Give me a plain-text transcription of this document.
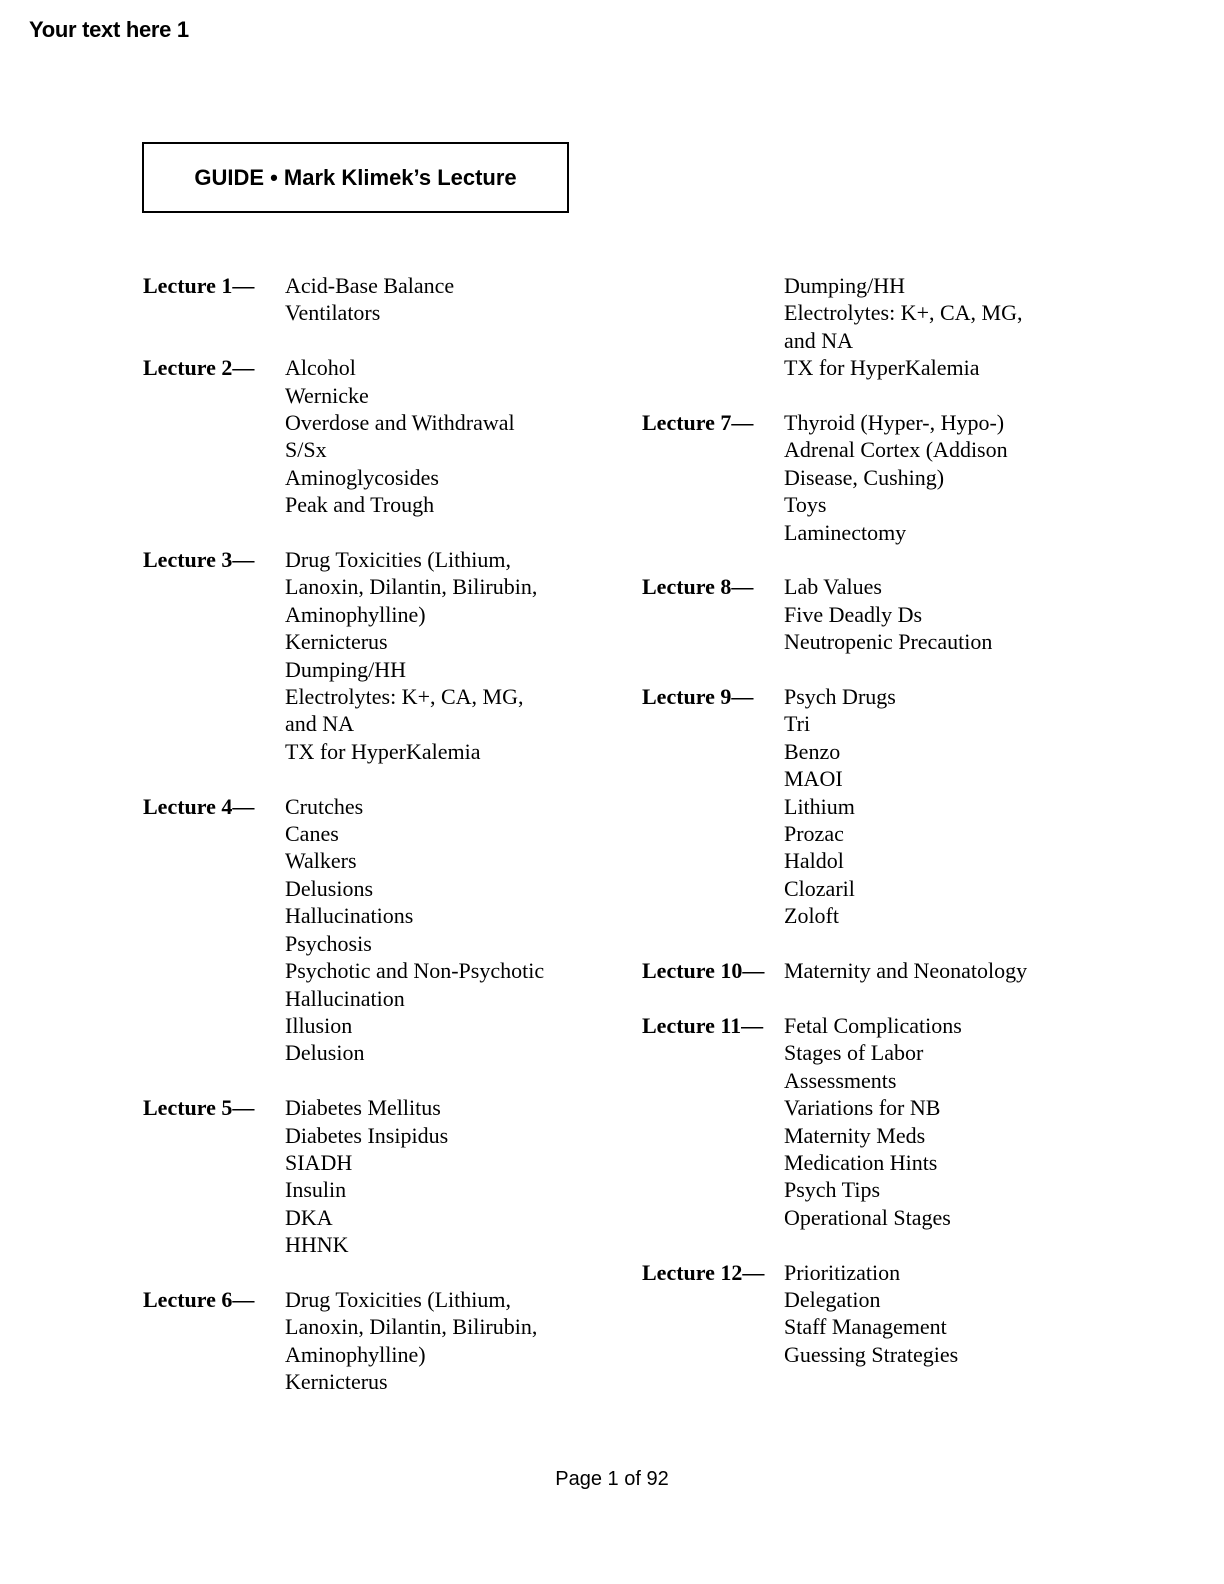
Your text here 1
GUIDE • Mark Klimek’s Lecture
Lecture 1— Acid-Base Balance
Ventilators
Lecture 2— Alcohol
Wernicke
Overdose and Withdrawal
S/Sx
Aminoglycosides
Peak and Trough
Lecture 3— Drug Toxicities (Lithium,
Lanoxin, Dilantin, Bilirubin,
Aminophylline)
Kernicterus
Dumping/HH
Electrolytes: K+, CA, MG,
and NA
TX for HyperKalemia
Lecture 4— Crutches
Canes
Walkers
Delusions
Hallucinations
Psychosis
Psychotic and Non-Psychotic
Hallucination
Illusion
Delusion
Lecture 5— Diabetes Mellitus
Diabetes Insipidus
SIADH
Insulin
DKA
HHNK
Lecture 6— Drug Toxicities (Lithium,
Lanoxin, Dilantin, Bilirubin,
Aminophylline)
Kernicterus
Dumping/HH
Electrolytes: K+, CA, MG,
and NA
TX for HyperKalemia
Lecture 7— Thyroid (Hyper-, Hypo-)
Adrenal Cortex (Addison
Disease, Cushing)
Toys
Laminectomy
Lecture 8— Lab Values
Five Deadly Ds
Neutropenic Precaution
Lecture 9— Psych Drugs
Tri
Benzo
MAOI
Lithium
Prozac
Haldol
Clozaril
Zoloft
Lecture 10— Maternity and Neonatology
Lecture 11— Fetal Complications
Stages of Labor
Assessments
Variations for NB
Maternity Meds
Medication Hints
Psych Tips
Operational Stages
Lecture 12— Prioritization
Delegation
Staff Management
Guessing Strategies
Page 1 of 92
